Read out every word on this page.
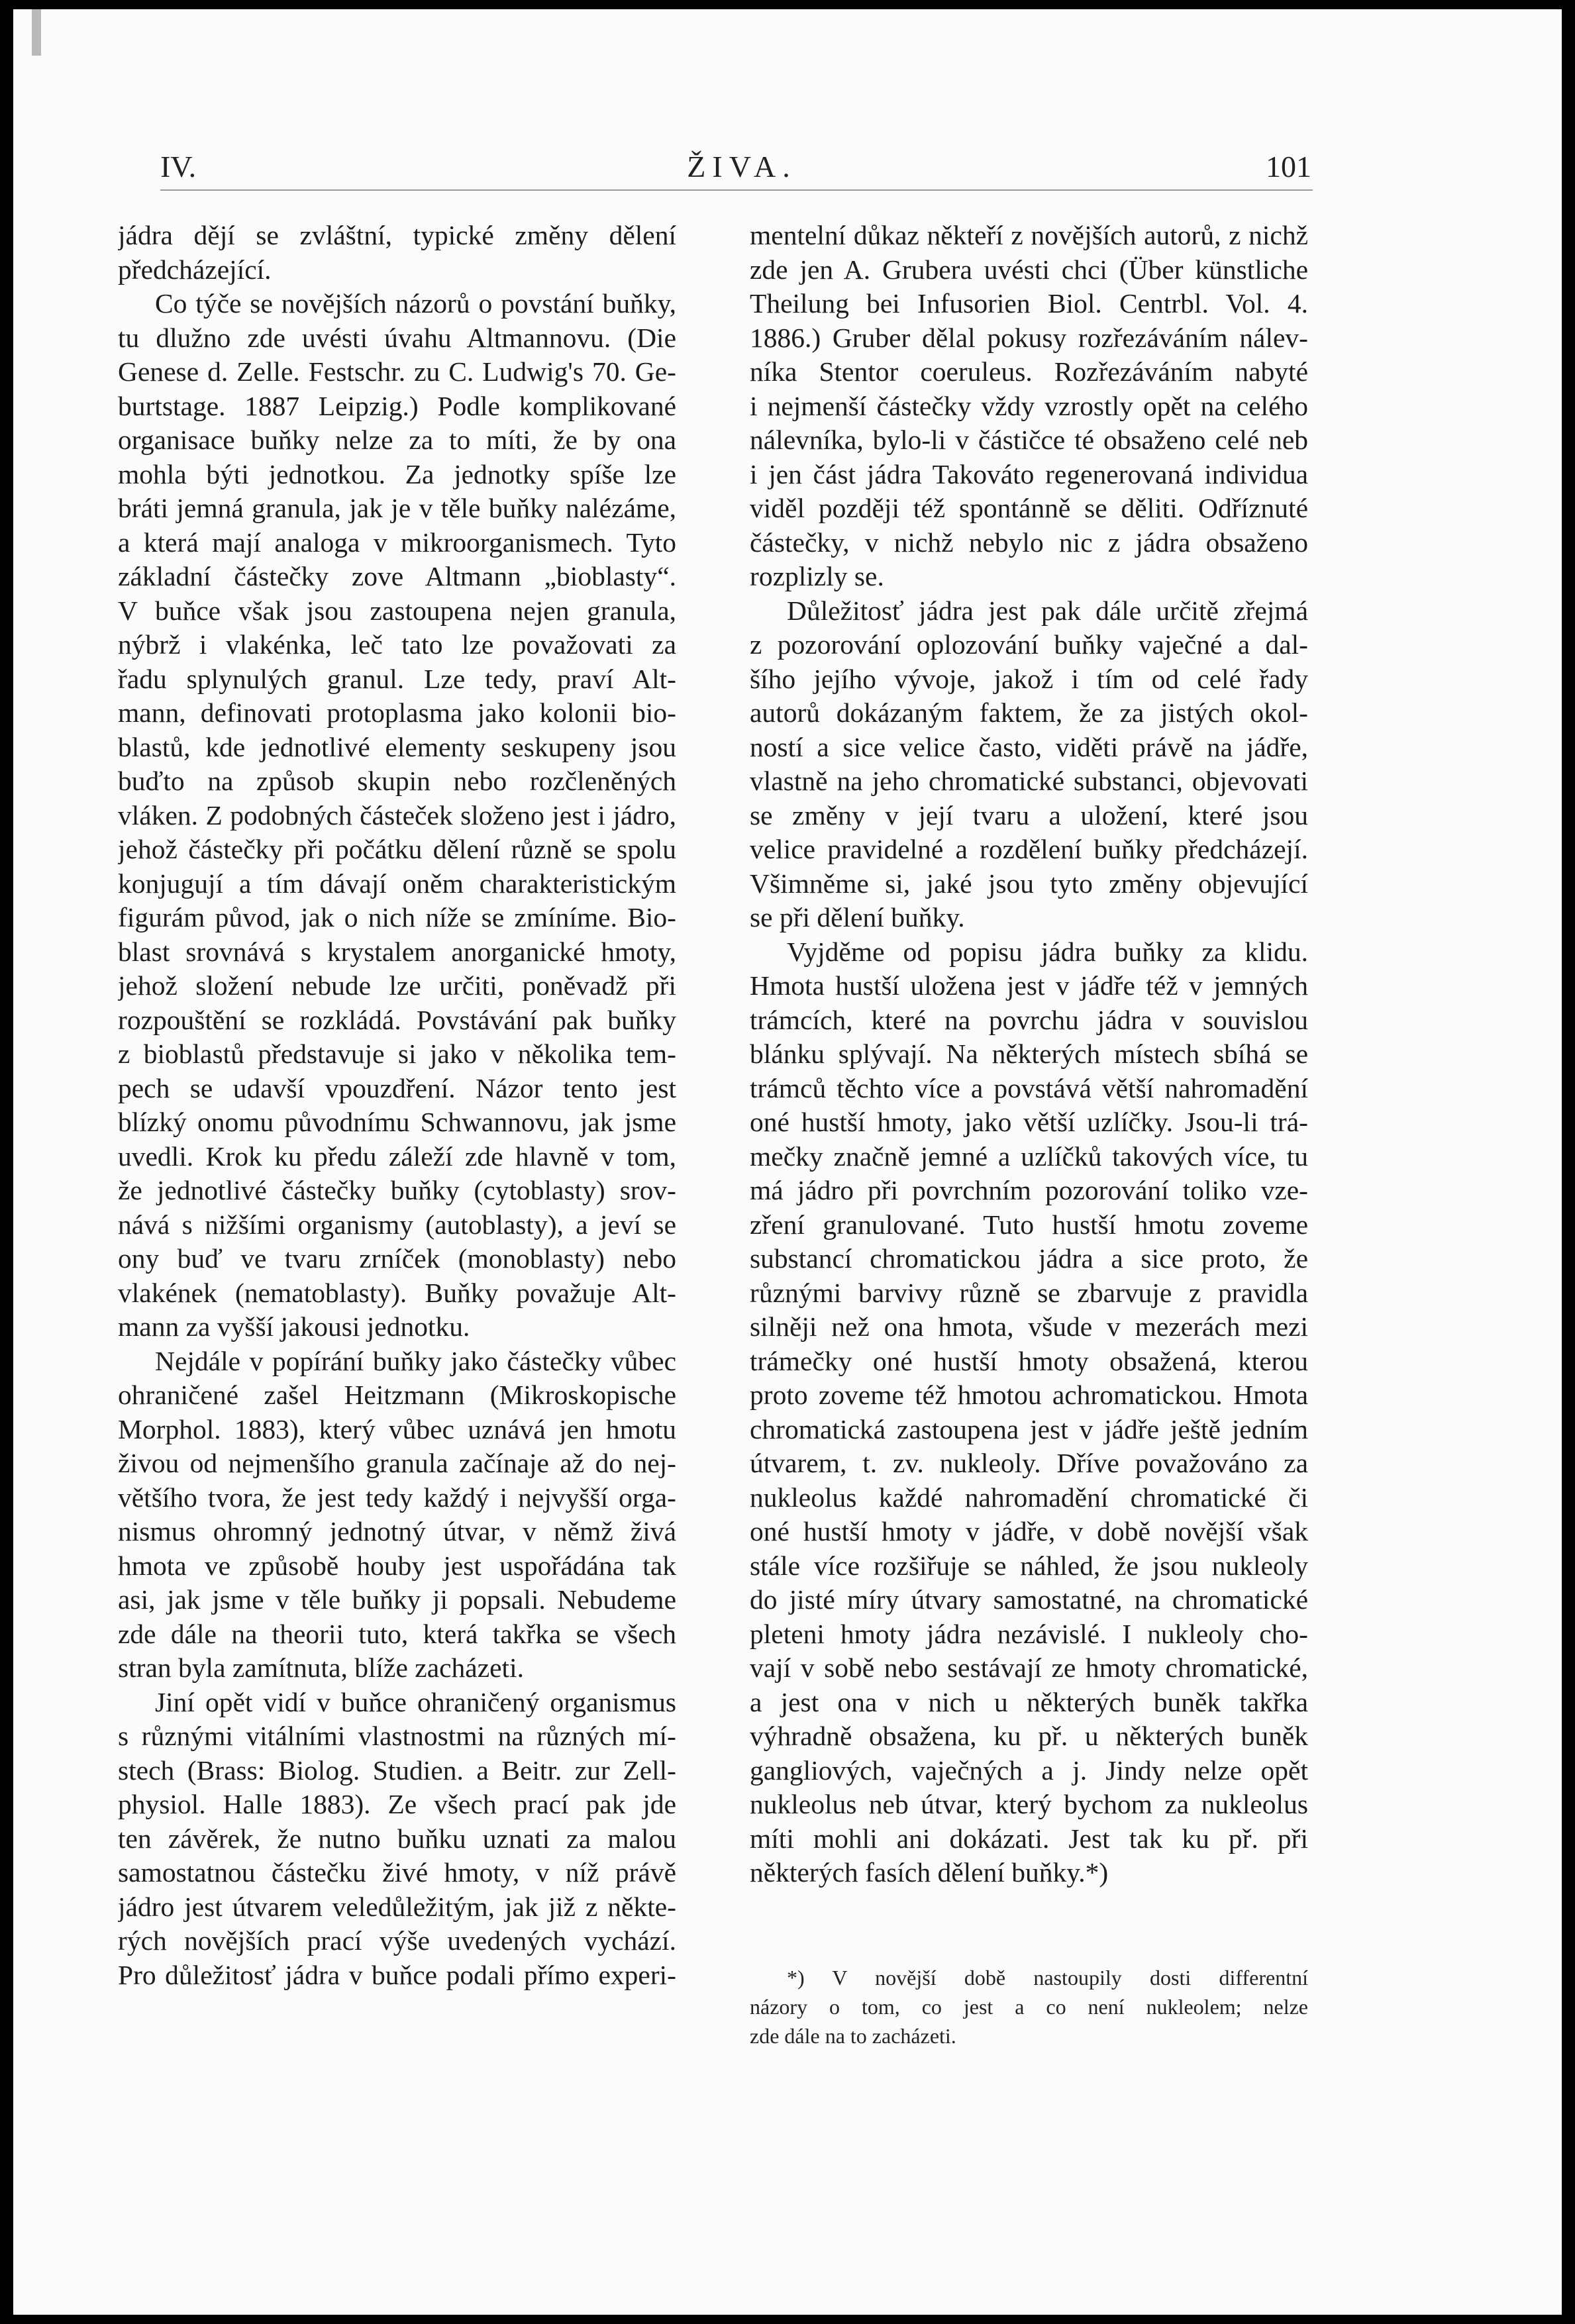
IV.	ŽIVA.	101
jádra dějí se zvláštní, typické změny dělení
předcházející.
Co týče se novějších názorů o povstání buňky,
tu dlužno zde uvésti úvahu Altmannovu. (Die
Genese d. Zelle. Festschr. zu C. Ludwig's 70. Ge-
burtstage. 1887 Leipzig.) Podle komplikované
organisace buňky nelze za to míti, že by ona
mohla býti jednotkou. Za jednotky spíše lze
bráti jemná granula, jak je v těle buňky nalézáme,
a která mají analoga v mikroorganismech. Tyto
základní částečky zove Altmann „bioblasty“.
V buňce však jsou zastoupena nejen granula,
nýbrž i vlakénka, leč tato lze považovati za
řadu splynulých granul. Lze tedy, praví Alt-
mann, definovati protoplasma jako kolonii bio-
blastů, kde jednotlivé elementy seskupeny jsou
buďto na způsob skupin nebo rozčleněných
vláken. Z podobných částeček složeno jest i jádro,
jehož částečky při počátku dělení různě se spolu
konjugují a tím dávají oněm charakteristickým
figurám původ, jak o nich níže se zmíníme. Bio-
blast srovnává s krystalem anorganické hmoty,
jehož složení nebude lze určiti, poněvadž při
rozpouštění se rozkládá. Povstávání pak buňky
z bioblastů představuje si jako v několika tem-
pech se udavší vpouzdření. Názor tento jest
blízký onomu původnímu Schwannovu, jak jsme
uvedli. Krok ku předu záleží zde hlavně v tom,
že jednotlivé částečky buňky (cytoblasty) srov-
nává s nižšími organismy (autoblasty), a jeví se
ony buď ve tvaru zrníček (monoblasty) nebo
vlakének (nematoblasty). Buňky považuje Alt-
mann za vyšší jakousi jednotku.
Nejdále v popírání buňky jako částečky vůbec
ohraničené zašel Heitzmann (Mikroskopische
Morphol. 1883), který vůbec uznává jen hmotu
živou od nejmenšího granula začínaje až do nej-
většího tvora, že jest tedy každý i nejvyšší orga-
nismus ohromný jednotný útvar, v němž živá
hmota ve způsobě houby jest uspořádána tak
asi, jak jsme v těle buňky ji popsali. Nebudeme
zde dále na theorii tuto, která takřka se všech
stran byla zamítnuta, blíže zacházeti.
Jiní opět vidí v buňce ohraničený organismus
s různými vitálními vlastnostmi na různých mí-
stech (Brass: Biolog. Studien. a Beitr. zur Zell-
physiol. Halle 1883). Ze všech prací pak jde
ten závěrek, že nutno buňku uznati za malou
samostatnou částečku živé hmoty, v níž právě
jádro jest útvarem veledůležitým, jak již z někte-
rých novějších prací výše uvedených vychází.
Pro důležitosť jádra v buňce podali přímo experi-
mentelní důkaz někteří z novějších autorů, z nichž
zde jen A. Grubera uvésti chci (Über künstliche
Theilung bei Infusorien Biol. Centrbl. Vol. 4.
1886.) Gruber dělal pokusy rozřezáváním nálev-
níka Stentor coeruleus. Rozřezáváním nabyté
i nejmenší částečky vždy vzrostly opět na celého
nálevníka, bylo-li v částičce té obsaženo celé neb
i jen část jádra Takováto regenerovaná individua
viděl později též spontánně se děliti. Odříznuté
částečky, v nichž nebylo nic z jádra obsaženo
rozplizly se.
Důležitosť jádra jest pak dále určitě zřejmá
z pozorování oplozování buňky vaječné a dal-
šího jejího vývoje, jakož i tím od celé řady
autorů dokázaným faktem, že za jistých okol-
ností a sice velice často, viděti právě na jádře,
vlastně na jeho chromatické substanci, objevovati
se změny v její tvaru a uložení, které jsou
velice pravidelné a rozdělení buňky předcházejí.
Všimněme si, jaké jsou tyto změny objevující
se při dělení buňky.
Vyjděme od popisu jádra buňky za klidu.
Hmota hustší uložena jest v jádře též v jemných
trámcích, které na povrchu jádra v souvislou
blánku splývají. Na některých místech sbíhá se
trámců těchto více a povstává větší nahromadění
oné hustší hmoty, jako větší uzlíčky. Jsou-li trá-
mečky značně jemné a uzlíčků takových více, tu
má jádro při povrchním pozorování toliko vze-
zření granulované. Tuto hustší hmotu zoveme
substancí chromatickou jádra a sice proto, že
různými barvivy různě se zbarvuje z pravidla
silněji než ona hmota, všude v mezerách mezi
trámečky oné hustší hmoty obsažená, kterou
proto zoveme též hmotou achromatickou. Hmota
chromatická zastoupena jest v jádře ještě jedním
útvarem, t. zv. nukleoly. Dříve považováno za
nukleolus každé nahromadění chromatické či
oné hustší hmoty v jádře, v době novější však
stále více rozšiřuje se náhled, že jsou nukleoly
do jisté míry útvary samostatné, na chromatické
pleteni hmoty jádra nezávislé. I nukleoly cho-
vají v sobě nebo sestávají ze hmoty chromatické,
a jest ona v nich u některých buněk takřka
výhradně obsažena, ku př. u některých buněk
gangliových, vaječných a j. Jindy nelze opět
nukleolus neb útvar, který bychom za nukleolus
míti mohli ani dokázati. Jest tak ku př. při
některých fasích dělení buňky.*)
*) V novější době nastoupily dosti differentní
názory o tom, co jest a co není nukleolem; nelze
zde dále na to zacházeti.
